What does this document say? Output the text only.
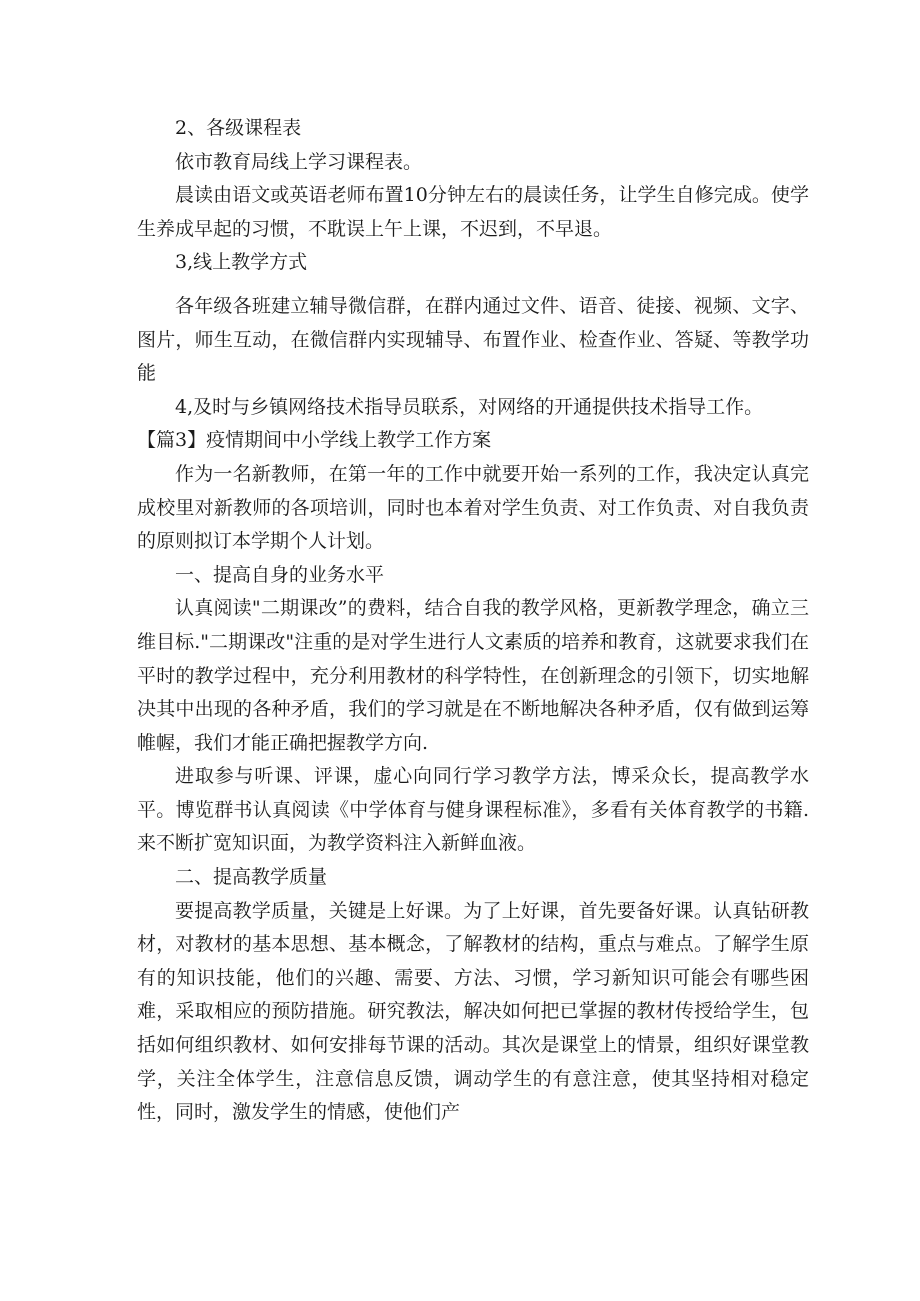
2、各级课程表

依市教育局线上学习课程表。

晨读由语文或英语老师布置10分钟左右的晨读任务，让学生自修完成。使学生养成早起的习惯，不耽误上午上课，不迟到，不早退。

3,线上教学方式

各年级各班建立辅导微信群，在群内通过文件、语音、徒接、视频、文字、图片，师生互动，在微信群内实现辅导、布置作业、检查作业、答疑、等教学功能

4,及时与乡镇网络技术指导员联系，对网络的开通提供技术指导工作。

【篇3】疫情期间中小学线上教学工作方案

作为一名新教师，在第一年的工作中就要开始一系列的工作，我决定认真完成校里对新教师的各项培训，同时也本着对学生负责、对工作负责、对自我负责的原则拟订本学期个人计划。

一、提高自身的业务水平

认真阅读"二期课改”的费料，结合自我的教学风格，更新教学理念，确立三维目标."二期课改"注重的是对学生进行人文素质的培养和教育，这就要求我们在平时的教学过程中，充分利用教材的科学特性，在创新理念的引领下，切实地解决其中出现的各种矛盾，我们的学习就是在不断地解决各种矛盾，仅有做到运筹帷幄，我们才能正确把握教学方向.

进取参与听课、评课，虚心向同行学习教学方法，博采众长，提高教学水平。博览群书认真阅读《中学体育与健身课程标准》，多看有关体育教学的书籍.来不断扩宽知识面，为教学资料注入新鲜血液。

二、提高教学质量

要提高教学质量，关键是上好课。为了上好课，首先要备好课。认真钻研教材，对教材的基本思想、基本概念，了解教材的结构，重点与难点。了解学生原有的知识技能，他们的兴趣、需要、方法、习惯，学习新知识可能会有哪些困难，采取相应的预防措施。研究教法，解决如何把已掌握的教材传授给学生，包括如何组织教材、如何安排每节课的活动。其次是课堂上的情景，组织好课堂教学，关注全体学生，注意信息反馈，调动学生的有意注意，使其坚持相对稳定性，同时，激发学生的情感，使他们产
